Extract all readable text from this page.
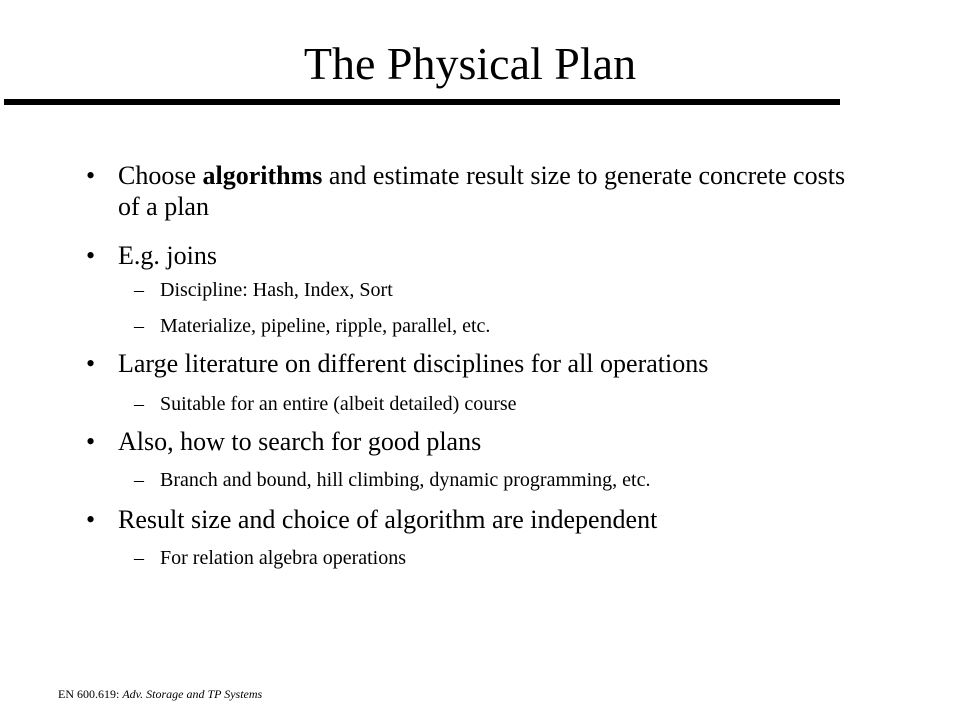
The Physical Plan
• Choose algorithms and estimate result size to generate concrete costs of a plan
• E.g. joins
– Discipline: Hash, Index, Sort
– Materialize, pipeline, ripple, parallel, etc.
• Large literature on different disciplines for all operations
– Suitable for an entire (albeit detailed) course
• Also, how to search for good plans
– Branch and bound, hill climbing, dynamic programming, etc.
• Result size and choice of algorithm are independent
– For relation algebra operations
EN 600.619: Adv. Storage and TP Systems
